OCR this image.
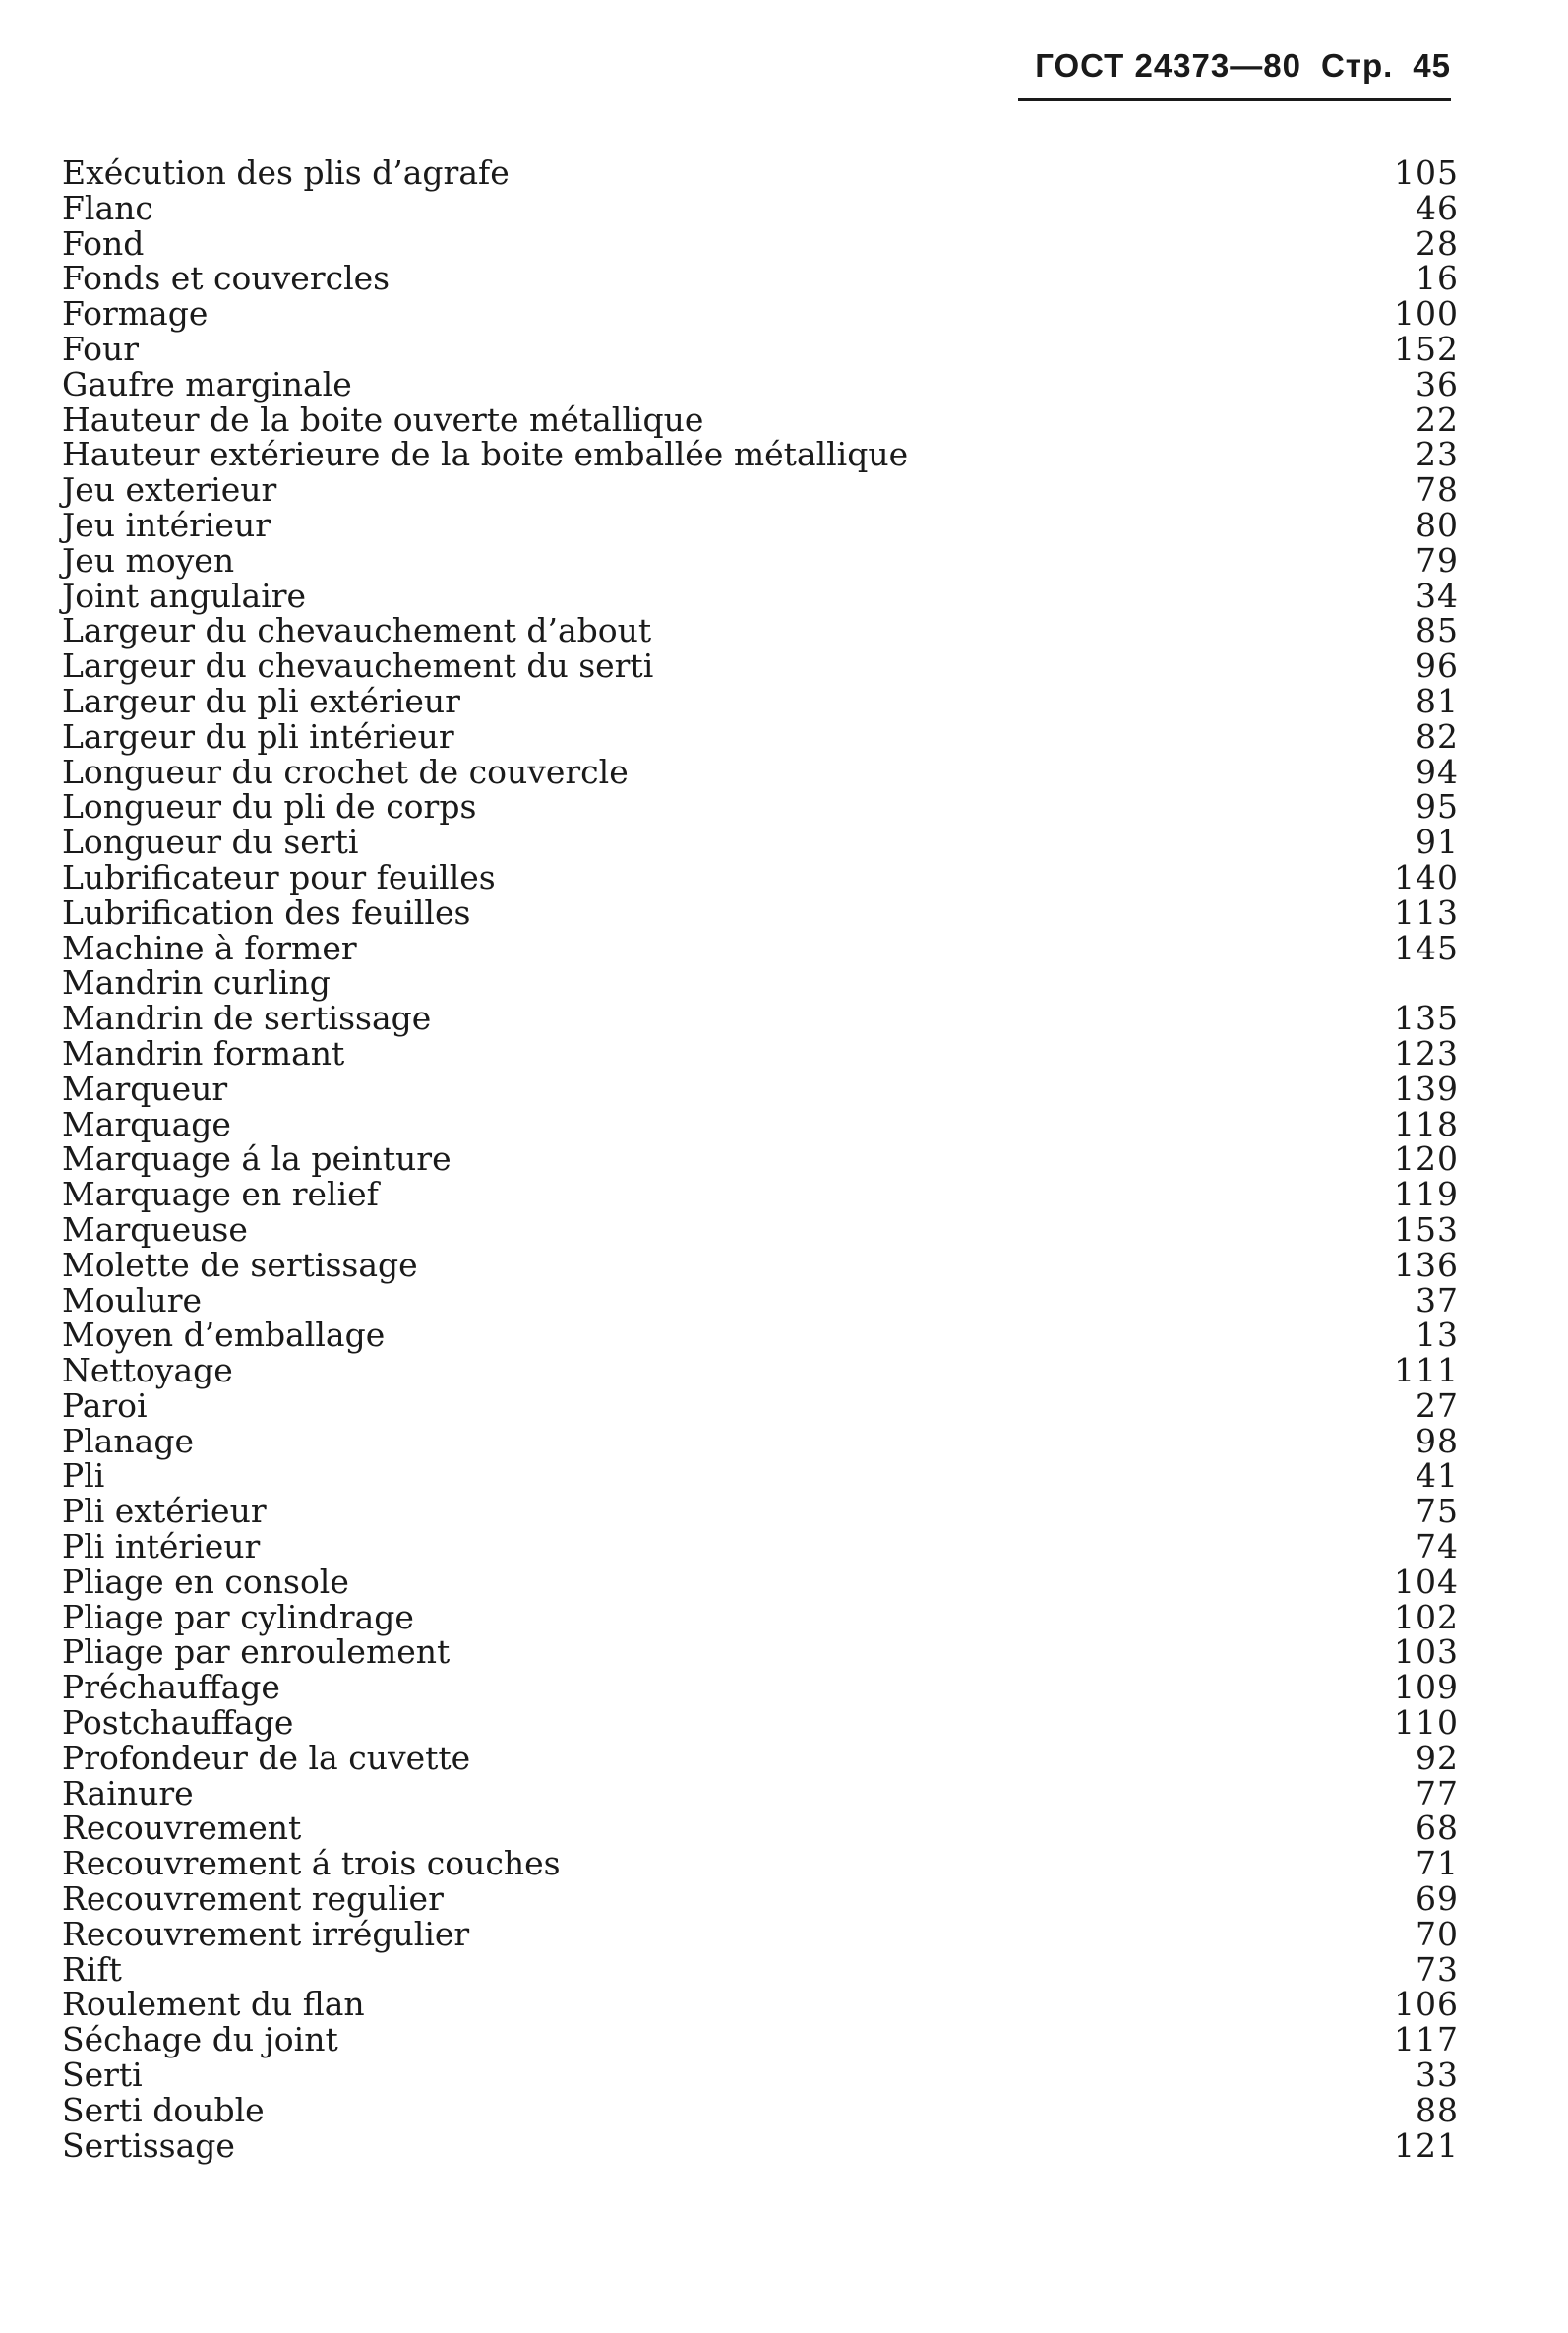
ГОСТ 24373—80 Стр. 45
Exécution des plis d’agrafe	105
Flanc	46
Fond	28
Fonds et couvercles	16
Formage	100
Four	152
Gaufre marginale	36
Hauteur de la boite ouverte métallique	22
Hauteur extérieure de la boite emballée métallique	23
Jeu exterieur	78
Jeu intérieur	80
Jeu moyen	79
Joint angulaire	34
Largeur du chevauchement d’about	85
Largeur du chevauchement du serti	96
Largeur du pli extérieur	81
Largeur du pli intérieur	82
Longueur du crochet de couvercle	94
Longueur du pli de corps	95
Longueur du serti	91
Lubrificateur pour feuilles	140
Lubrification des feuilles	113
Machine à former	145
Mandrin curling
Mandrin de sertissage	135
Mandrin formant	123
Marqueur	139
Marquage	118
Marquage á la peinture	120
Marquage en relief	119
Marqueuse	153
Molette de sertissage	136
Moulure	37
Moyen d’emballage	13
Nettoyage	111
Paroi	27
Planage	98
Pli	41
Pli extérieur	75
Pli intérieur	74
Pliage en console	104
Pliage par cylindrage	102
Pliage par enroulement	103
Préchauffage	109
Postchauffage	110
Profondeur de la cuvette	92
Rainure	77
Recouvrement	68
Recouvrement á trois couches	71
Recouvrement regulier	69
Recouvrement irrégulier	70
Rift	73
Roulement du flan	106
Séchage du joint	117
Serti	33
Serti double	88
Sertissage	121
